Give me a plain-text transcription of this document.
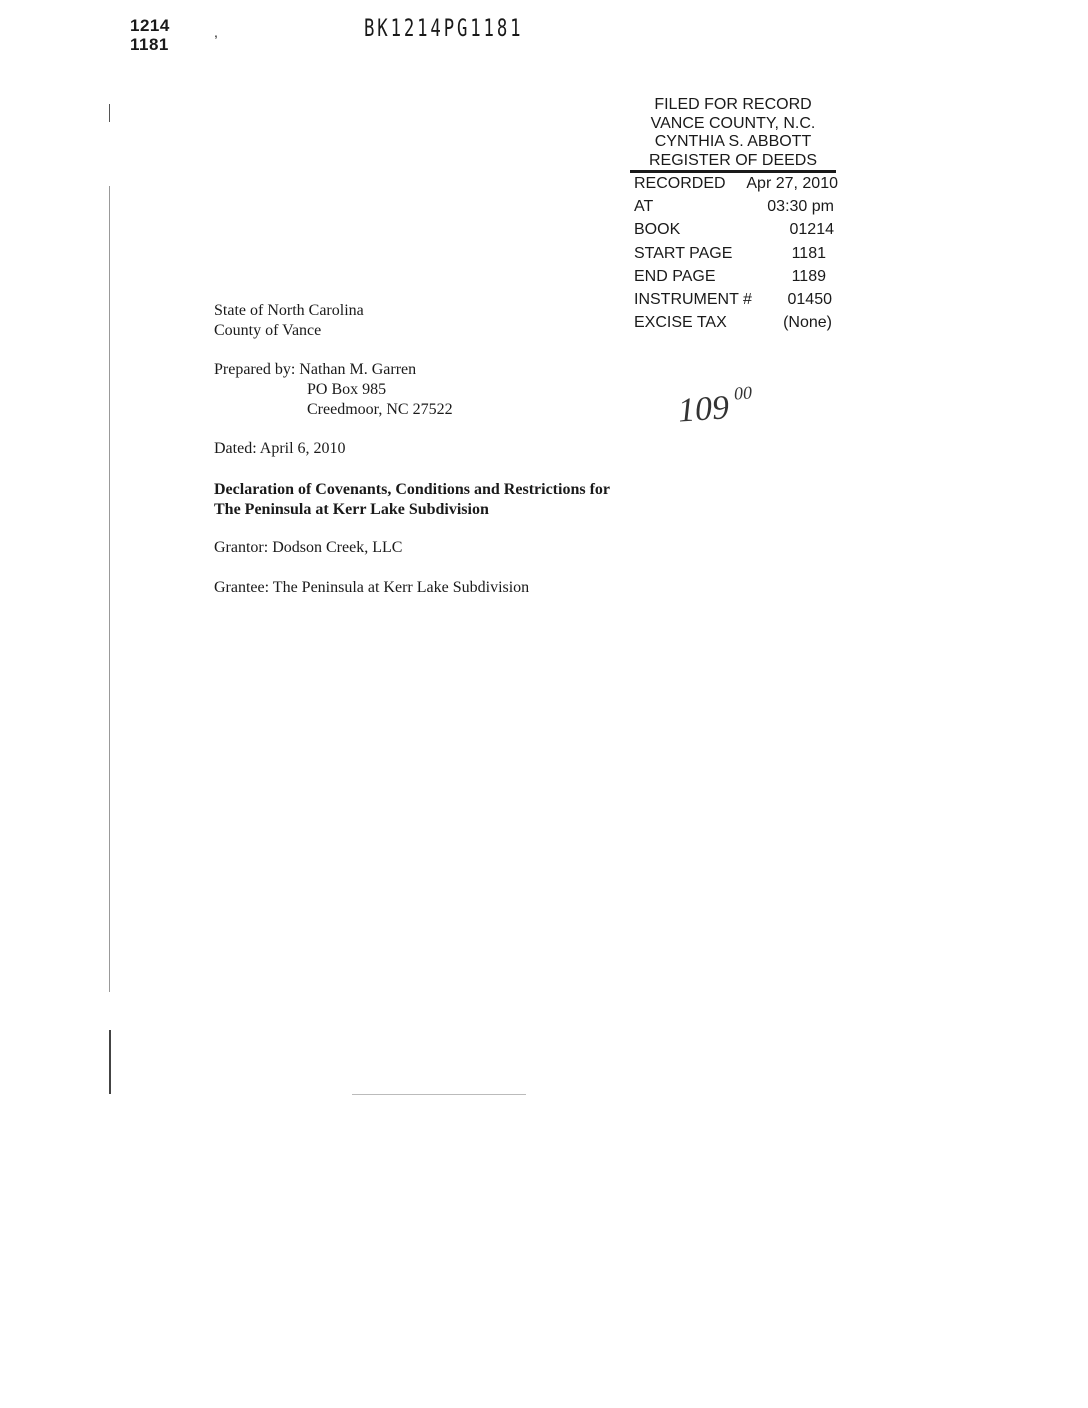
1214
1181
,	BK1214PG1181
FILED FOR RECORD
VANCE COUNTY, N.C.
CYNTHIA S. ABBOTT
REGISTER OF DEEDS
RECORDED Apr 27, 2010
AT	03:30 pm
BOOK	01214
START PAGE	1181
END PAGE	1189
INSTRUMENT # 01450
EXCISE TAX	(None)
109 $^{00}$
State of North Carolina
County of Vance
Prepared by: Nathan M. Garren
PO Box 985
Creedmoor, NC 27522
Dated: April 6, 2010
Declaration of Covenants, Conditions and Restrictions for
The Peninsula at Kerr Lake Subdivision
Grantor: Dodson Creek, LLC
Grantee: The Peninsula at Kerr Lake Subdivision
